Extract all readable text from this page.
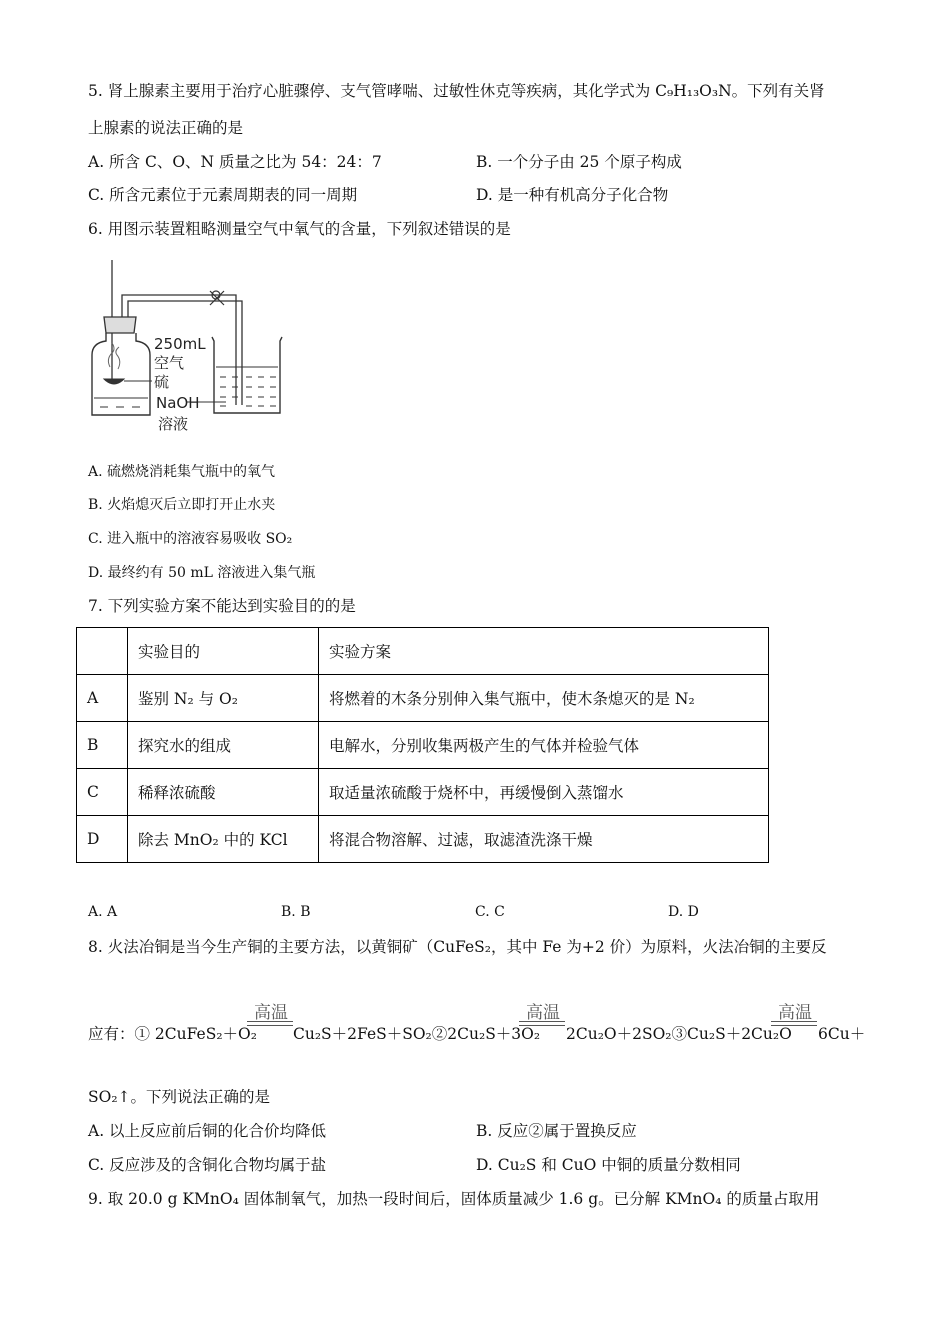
5. 肾上腺素主要用于治疗心脏骤停、支气管哮喘、过敏性休克等疾病，其化学式为 C₉H₁₃O₃N。下列有关肾
上腺素的说法正确的是
A. 所含 C、O、N 质量之比为 54：24：7	B. 一个分子由 25 个原子构成
C. 所含元素位于元素周期表的同一周期	D. 是一种有机高分子化合物
6. 用图示装置粗略测量空气中氧气的含量，下列叙述错误的是
250mL
空气
硫
NaOH
溶液
A. 硫燃烧消耗集气瓶中的氧气
B. 火焰熄灭后立即打开止水夹
C. 进入瓶中的溶液容易吸收 SO₂
D. 最终约有 50 mL 溶液进入集气瓶
7. 下列实验方案不能达到实验目的的是
	实验目的	实验方案
A	鉴别 N₂ 与 O₂	将燃着的木条分别伸入集气瓶中，使木条熄灭的是 N₂
B	探究水的组成	电解水，分别收集两极产生的气体并检验气体
C	稀释浓硫酸	取适量浓硫酸于烧杯中，再缓慢倒入蒸馏水
D	除去 MnO₂ 中的 KCl	将混合物溶解、过滤，取滤渣洗涤干燥
A. A	B. B	C. C	D. D
8. 火法冶铜是当今生产铜的主要方法，以黄铜矿（CuFeS₂，其中 Fe 为+2 价）为原料，火法冶铜的主要反
高温	高温	高温
应有：① 2CuFeS₂＋O₂ Cu₂S＋2FeS＋SO₂②2Cu₂S＋3O₂ 2Cu₂O＋2SO₂③Cu₂S＋2Cu₂O 6Cu＋
SO₂↑。下列说法正确的是
A. 以上反应前后铜的化合价均降低	B. 反应②属于置换反应
C. 反应涉及的含铜化合物均属于盐	D. Cu₂S 和 CuO 中铜的质量分数相同
9. 取 20.0 g KMnO₄ 固体制氧气，加热一段时间后，固体质量减少 1.6 g。已分解 KMnO₄ 的质量占取用
